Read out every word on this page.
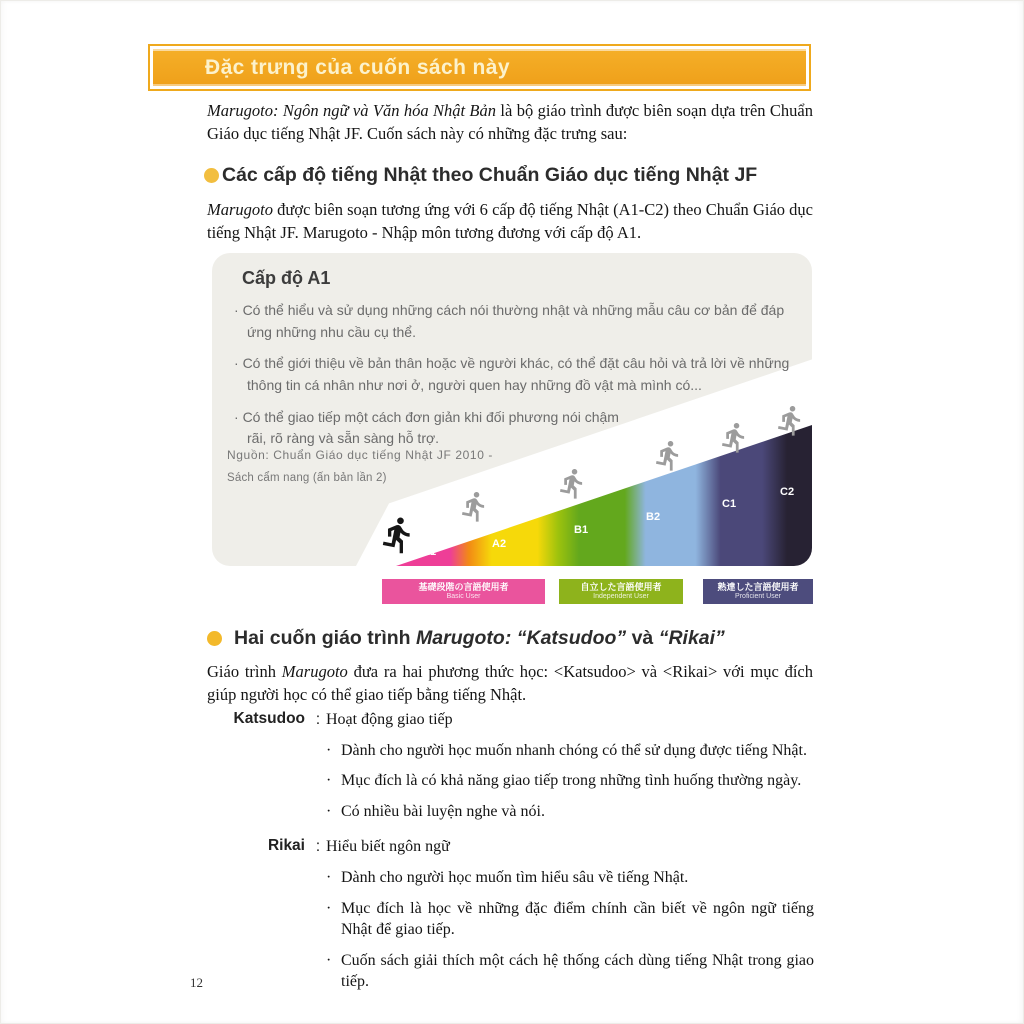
Đặc trưng của cuốn sách này

Marugoto: Ngôn ngữ và Văn hóa Nhật Bản là bộ giáo trình được biên soạn dựa trên Chuẩn Giáo dục tiếng Nhật JF. Cuốn sách này có những đặc trưng sau:

Các cấp độ tiếng Nhật theo Chuẩn Giáo dục tiếng Nhật JF

Marugoto được biên soạn tương ứng với 6 cấp độ tiếng Nhật (A1-C2) theo Chuẩn Giáo dục tiếng Nhật JF. Marugoto - Nhập môn tương đương với cấp độ A1.

Cấp độ A1
· Có thể hiểu và sử dụng những cách nói thường nhật và những mẫu câu cơ bản để đáp ứng những nhu cầu cụ thể.
· Có thể giới thiệu về bản thân hoặc về người khác, có thể đặt câu hỏi và trả lời về những thông tin cá nhân như nơi ở, người quen hay những đồ vật mà mình có...
· Có thể giao tiếp một cách đơn giản khi đối phương nói chậm rãi, rõ ràng và sẵn sàng hỗ trợ.
Nguồn: Chuẩn Giáo dục tiếng Nhật JF 2010 -
Sách cẩm nang (ấn bản lần 2)
A1
A2
B1
B2
C1
C2
基礎段階の言語使用者
Basic User
自立した言語使用者
Independent User
熟達した言語使用者
Proficient User
Hai cuốn giáo trình Marugoto: “Katsudoo” và “Rikai”

Giáo trình Marugoto đưa ra hai phương thức học: <Katsudoo> và <Rikai> với mục đích giúp người học có thể giao tiếp bằng tiếng Nhật.

Katsudoo : Hoạt động giao tiếp
· Dành cho người học muốn nhanh chóng có thể sử dụng được tiếng Nhật.
· Mục đích là có khả năng giao tiếp trong những tình huống thường ngày.
· Có nhiều bài luyện nghe và nói.
Rikai : Hiểu biết ngôn ngữ
· Dành cho người học muốn tìm hiểu sâu về tiếng Nhật.
· Mục đích là học về những đặc điểm chính cần biết về ngôn ngữ tiếng Nhật để giao tiếp.
· Cuốn sách giải thích một cách hệ thống cách dùng tiếng Nhật trong giao tiếp.
12
